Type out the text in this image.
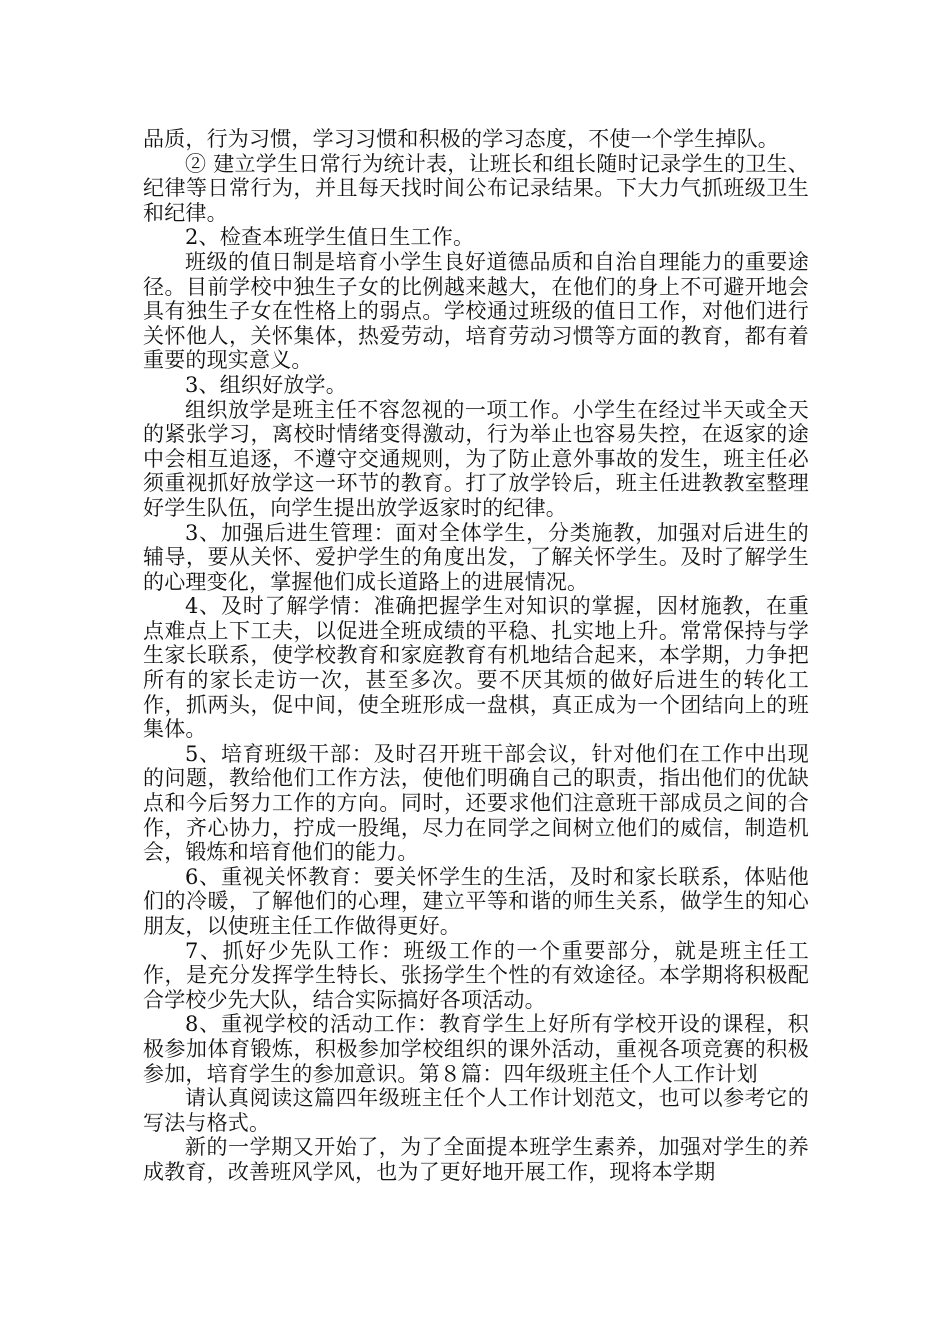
品质，行为习惯，学习习惯和积极的学习态度，不使一个学生掉队。

② 建立学生日常行为统计表，让班长和组长随时记录学生的卫生、纪律等日常行为，并且每天找时间公布记录结果。下大力气抓班级卫生和纪律。

2、检查本班学生值日生工作。

班级的值日制是培育小学生良好道德品质和自治自理能力的重要途径。目前学校中独生子女的比例越来越大，在他们的身上不可避开地会具有独生子女在性格上的弱点。学校通过班级的值日工作，对他们进行关怀他人，关怀集体，热爱劳动，培育劳动习惯等方面的教育，都有着重要的现实意义。

3、组织好放学。

组织放学是班主任不容忽视的一项工作。小学生在经过半天或全天的紧张学习，离校时情绪变得激动，行为举止也容易失控，在返家的途中会相互追逐，不遵守交通规则，为了防止意外事故的发生，班主任必须重视抓好放学这一环节的教育。打了放学铃后，班主任进教教室整理好学生队伍，向学生提出放学返家时的纪律。

3、加强后进生管理：面对全体学生，分类施教，加强对后进生的辅导，要从关怀、爱护学生的角度出发，了解关怀学生。及时了解学生的心理变化，掌握他们成长道路上的进展情况。

4、及时了解学情：准确把握学生对知识的掌握，因材施教，在重点难点上下工夫，以促进全班成绩的平稳、扎实地上升。常常保持与学生家长联系，使学校教育和家庭教育有机地结合起来，本学期，力争把所有的家长走访一次，甚至多次。要不厌其烦的做好后进生的转化工作，抓两头，促中间，使全班形成一盘棋，真正成为一个团结向上的班集体。

5、培育班级干部：及时召开班干部会议，针对他们在工作中出现的问题，教给他们工作方法，使他们明确自己的职责，指出他们的优缺点和今后努力工作的方向。同时，还要求他们注意班干部成员之间的合作，齐心协力，拧成一股绳，尽力在同学之间树立他们的威信，制造机会，锻炼和培育他们的能力。

6、重视关怀教育：要关怀学生的生活，及时和家长联系，体贴他们的冷暖，了解他们的心理，建立平等和谐的师生关系，做学生的知心朋友，以使班主任工作做得更好。

7、抓好少先队工作：班级工作的一个重要部分，就是班主任工作，是充分发挥学生特长、张扬学生个性的有效途径。本学期将积极配合学校少先大队，结合实际搞好各项活动。

8、重视学校的活动工作：教育学生上好所有学校开设的课程，积极参加体育锻炼，积极参加学校组织的课外活动，重视各项竞赛的积极参加，培育学生的参加意识。第８篇：四年级班主任个人工作计划

请认真阅读这篇四年级班主任个人工作计划范文，也可以参考它的写法与格式。

新的一学期又开始了，为了全面提本班学生素养，加强对学生的养成教育，改善班风学风，也为了更好地开展工作，现将本学期
